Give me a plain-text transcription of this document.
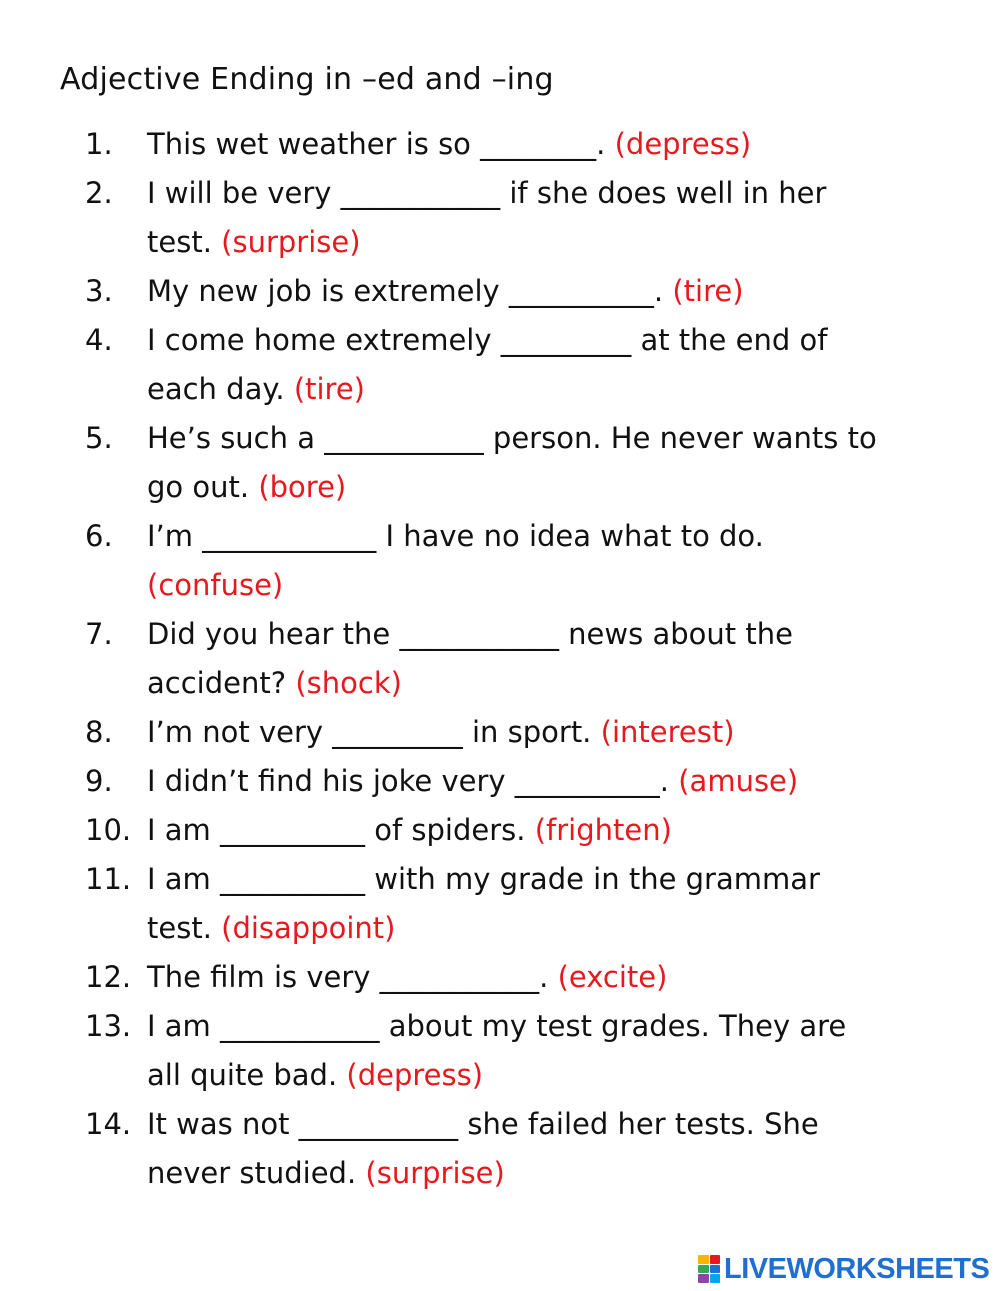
Adjective Ending in –ed and –ing
1. This wet weather is so ________. (depress)
2. I will be very ___________ if she does well in her
test. (surprise)
3. My new job is extremely __________. (tire)
4. I come home extremely _________ at the end of
each day. (tire)
5. He’s such a ___________ person. He never wants to
go out. (bore)
6. I’m ____________ I have no idea what to do.
(confuse)
7. Did you hear the ___________ news about the
accident? (shock)
8. I’m not very _________ in sport. (interest)
9. I didn’t find his joke very __________. (amuse)
10. I am __________ of spiders. (frighten)
11. I am __________ with my grade in the grammar
test. (disappoint)
12. The film is very ___________. (excite)
13. I am ___________ about my test grades. They are
all quite bad. (depress)
14. It was not ___________ she failed her tests. She
never studied. (surprise)
LIVEWORKSHEETS
